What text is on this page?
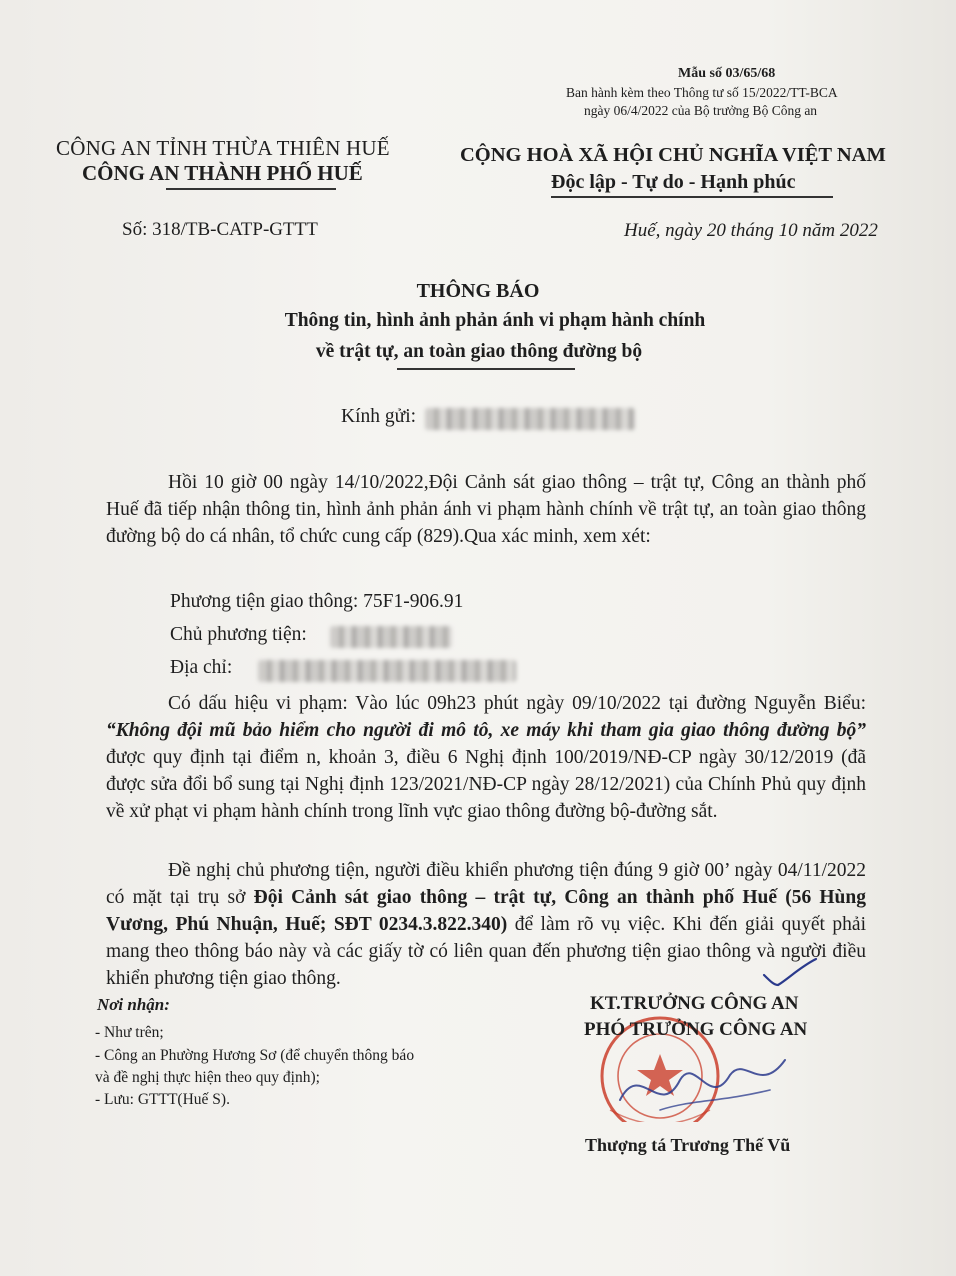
Mẫu số 03/65/68
Ban hành kèm theo Thông tư số 15/2022/TT-BCA
ngày 06/4/2022 của Bộ trưởng Bộ Công an
CÔNG AN TỈNH THỪA THIÊN HUẾ
CÔNG AN THÀNH PHỐ HUẾ
CỘNG HOÀ XÃ HỘI CHỦ NGHĨA VIỆT NAM
Độc lập - Tự do - Hạnh phúc
Số: 318/TB-CATP-GTTT	Huế, ngày 20 tháng 10 năm 2022
THÔNG BÁO
Thông tin, hình ảnh phản ánh vi phạm hành chính
về trật tự, an toàn giao thông đường bộ
Kính gửi:
Hồi 10 giờ 00 ngày 14/10/2022,Đội Cảnh sát giao thông – trật tự, Công an thành phố Huế đã tiếp nhận thông tin, hình ảnh phản ánh vi phạm hành chính về trật tự, an toàn giao thông đường bộ do cá nhân, tổ chức cung cấp (829).Qua xác minh, xem xét:
Phương tiện giao thông: 75F1-906.91
Chủ phương tiện:
Địa chỉ:
Có dấu hiệu vi phạm: Vào lúc 09h23 phút ngày 09/10/2022 tại đường Nguyễn Biểu: “Không đội mũ bảo hiểm cho người đi mô tô, xe máy khi tham gia giao thông đường bộ” được quy định tại điểm n, khoản 3, điều 6 Nghị định 100/2019/NĐ-CP ngày 30/12/2019 (đã được sửa đổi bổ sung tại Nghị định 123/2021/NĐ-CP ngày 28/12/2021) của Chính Phủ quy định về xử phạt vi phạm hành chính trong lĩnh vực giao thông đường bộ-đường sắt.
Đề nghị chủ phương tiện, người điều khiển phương tiện đúng 9 giờ 00’ ngày 04/11/2022 có mặt tại trụ sở Đội Cảnh sát giao thông – trật tự, Công an thành phố Huế (56 Hùng Vương, Phú Nhuận, Huế; SĐT 0234.3.822.340) để làm rõ vụ việc. Khi đến giải quyết phải mang theo thông báo này và các giấy tờ có liên quan đến phương tiện giao thông và người điều khiển phương tiện giao thông.
Nơi nhận:
- Như trên;
- Công an Phường Hương Sơ (để chuyển thông báo
và đề nghị thực hiện theo quy định);
- Lưu: GTTT(Huế S).
KT.TRƯỞNG CÔNG AN
PHÓ TRƯỞNG CÔNG AN
Thượng tá Trương Thế Vũ
